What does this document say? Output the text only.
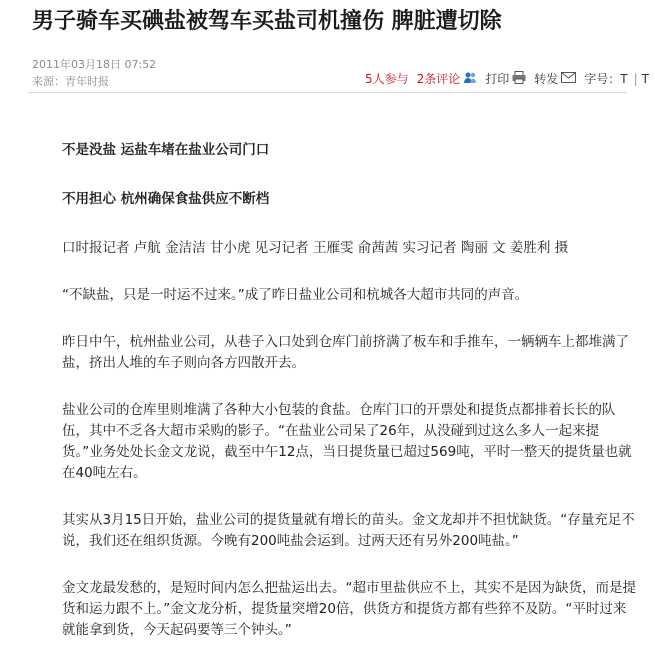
男子骑车买碘盐被驾车买盐司机撞伤 脾脏遭切除
2011年03月18日 07:52
来源：青年时报	5人参与 2条评论 打印 转发 字号：T | T

不是没盐 运盐车堵在盐业公司门口

不用担心 杭州确保食盐供应不断档

口时报记者 卢航 金洁洁 甘小虎 见习记者 王雁雯 俞茜茜 实习记者 陶丽 文 姜胜利 摄

“不缺盐，只是一时运不过来。”成了昨日盐业公司和杭城各大超市共同的声音。

昨日中午，杭州盐业公司，从巷子入口处到仓库门前挤满了板车和手推车，一辆辆车上都堆满了盐，挤出人堆的车子则向各方四散开去。

盐业公司的仓库里则堆满了各种大小包装的食盐。仓库门口的开票处和提货点都排着长长的队伍，其中不乏各大超市采购的影子。“在盐业公司呆了26年，从没碰到过这么多人一起来提货。”业务处处长金文龙说，截至中午12点，当日提货量已超过569吨，平时一整天的提货量也就在40吨左右。

其实从3月15日开始，盐业公司的提货量就有增长的苗头。金文龙却并不担忧缺货。“存量充足不说，我们还在组织货源。今晚有200吨盐会运到。过两天还有另外200吨盐。”

金文龙最发愁的，是短时间内怎么把盐运出去。“超市里盐供应不上，其实不是因为缺货，而是提货和运力跟不上。”金文龙分析，提货量突增20倍，供货方和提货方都有些猝不及防。“平时过来就能拿到货，今天起码要等三个钟头。”
